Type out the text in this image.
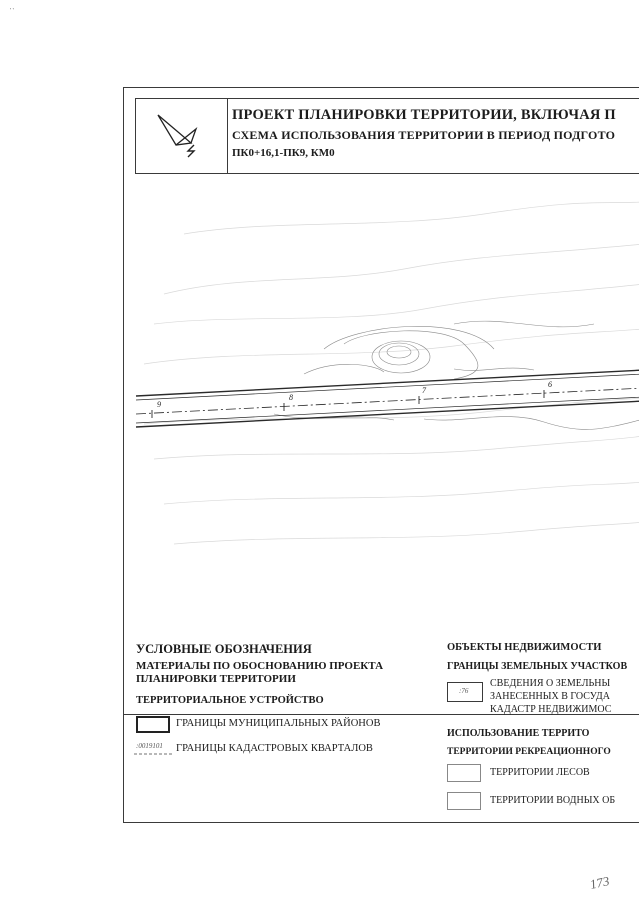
' '
ПРОЕКТ ПЛАНИРОВКИ ТЕРРИТОРИИ, ВКЛЮЧАЯ П
СХЕМА ИСПОЛЬЗОВАНИЯ ТЕРРИТОРИИ В ПЕРИОД ПОДГОТО
ПК0+16,1-ПК9, КМ0
9
8
7
6
УСЛОВНЫЕ ОБОЗНАЧЕНИЯ
МАТЕРИАЛЫ ПО ОБОСНОВАНИЮ ПРОЕКТА
ПЛАНИРОВКИ ТЕРРИТОРИИ
ТЕРРИТОРИАЛЬНОЕ УСТРОЙСТВО
ГРАНИЦЫ МУНИЦИПАЛЬНЫХ РАЙОНОВ
:0019101 ГРАНИЦЫ КАДАСТРОВЫХ КВАРТАЛОВ
ОБЪЕКТЫ НЕДВИЖИМОСТИ
ГРАНИЦЫ ЗЕМЕЛЬНЫХ УЧАСТКОВ
:76
СВЕДЕНИЯ О ЗЕМЕЛЬНЫ
ЗАНЕСЕННЫХ В ГОСУДА
КАДАСТР НЕДВИЖИМОС
ИСПОЛЬЗОВАНИЕ ТЕРРИТО
ТЕРРИТОРИИ РЕКРЕАЦИОННОГО
ТЕРРИТОРИИ ЛЕСОВ
ТЕРРИТОРИИ ВОДНЫХ ОБ
173
